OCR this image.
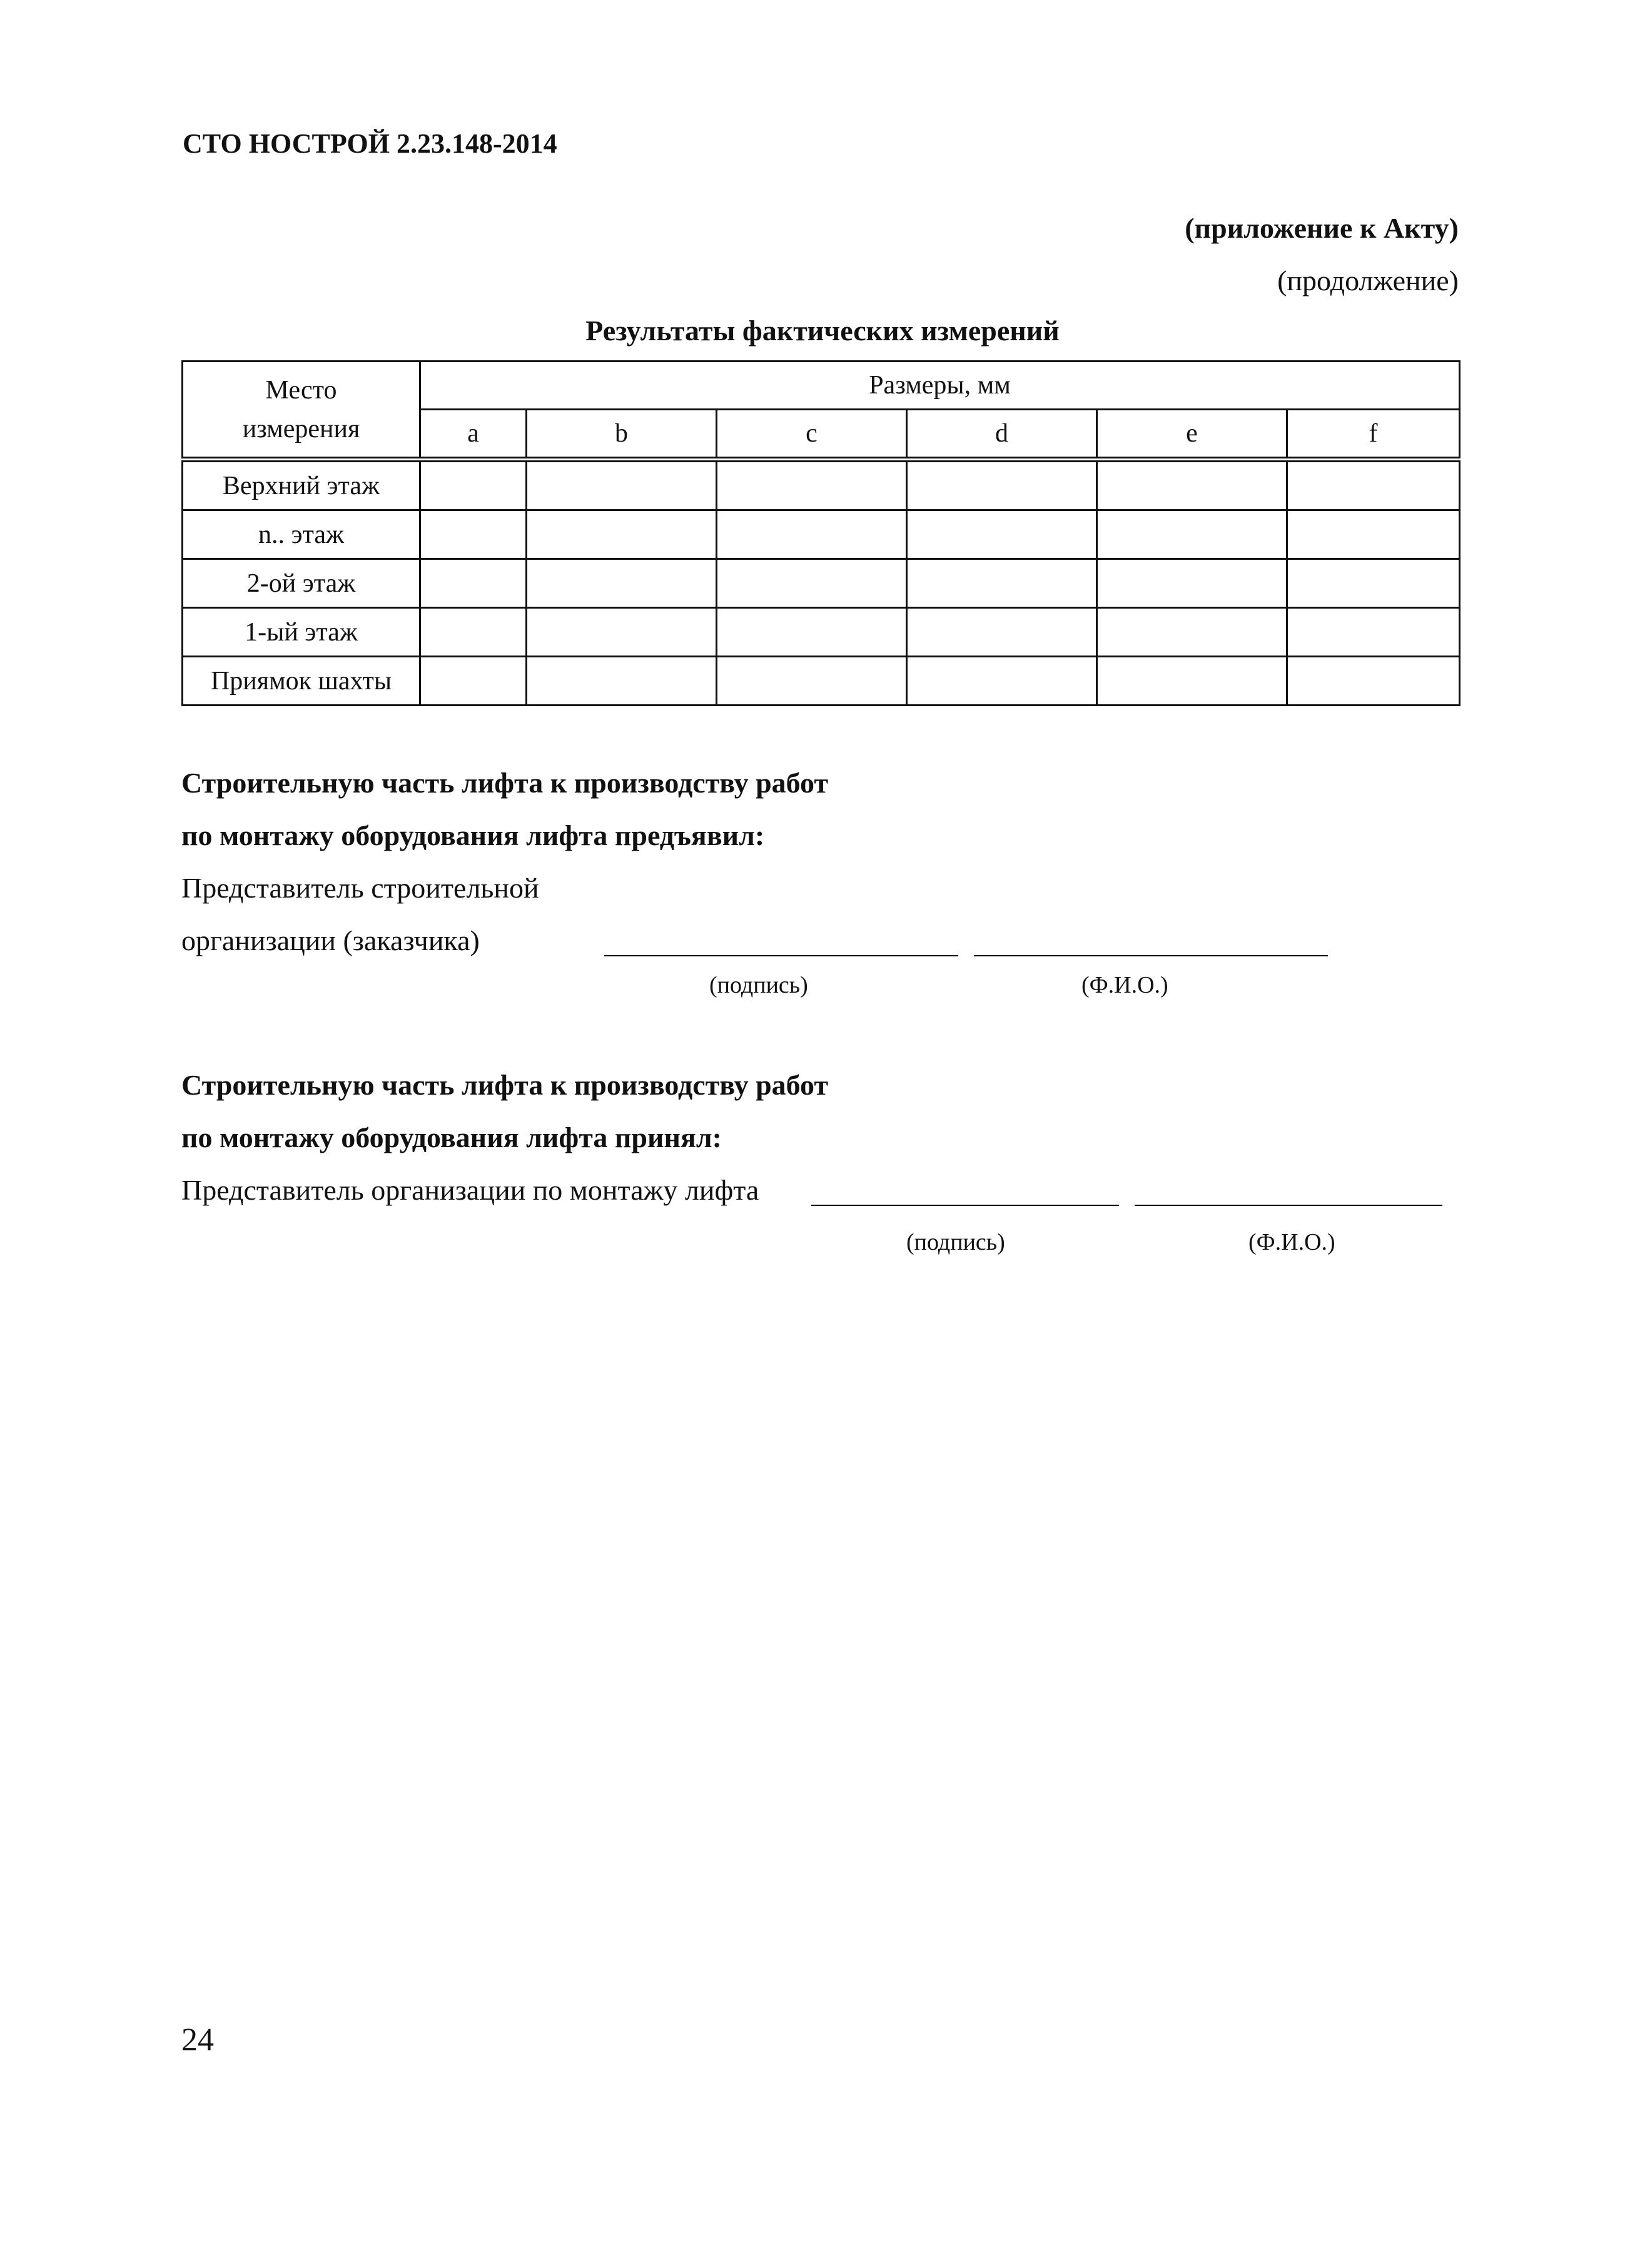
СТО НОСТРОЙ 2.23.148-2014
(приложение к Акту)
(продолжение)
Результаты фактических измерений
Место
измерения	Размеры, мм					
	a	b	c	d	e	f
Верхний этаж						
n.. этаж						
2-ой этаж						
1-ый этаж						
Приямок шахты						
Строительную часть лифта к производству работ
по монтажу оборудования лифта предъявил:
Представитель строительной
организации (заказчика)
(подпись)	(Ф.И.О.)
Строительную часть лифта к производству работ
по монтажу оборудования лифта принял:
Представитель организации по монтажу лифта
(подпись)	(Ф.И.О.)
24
